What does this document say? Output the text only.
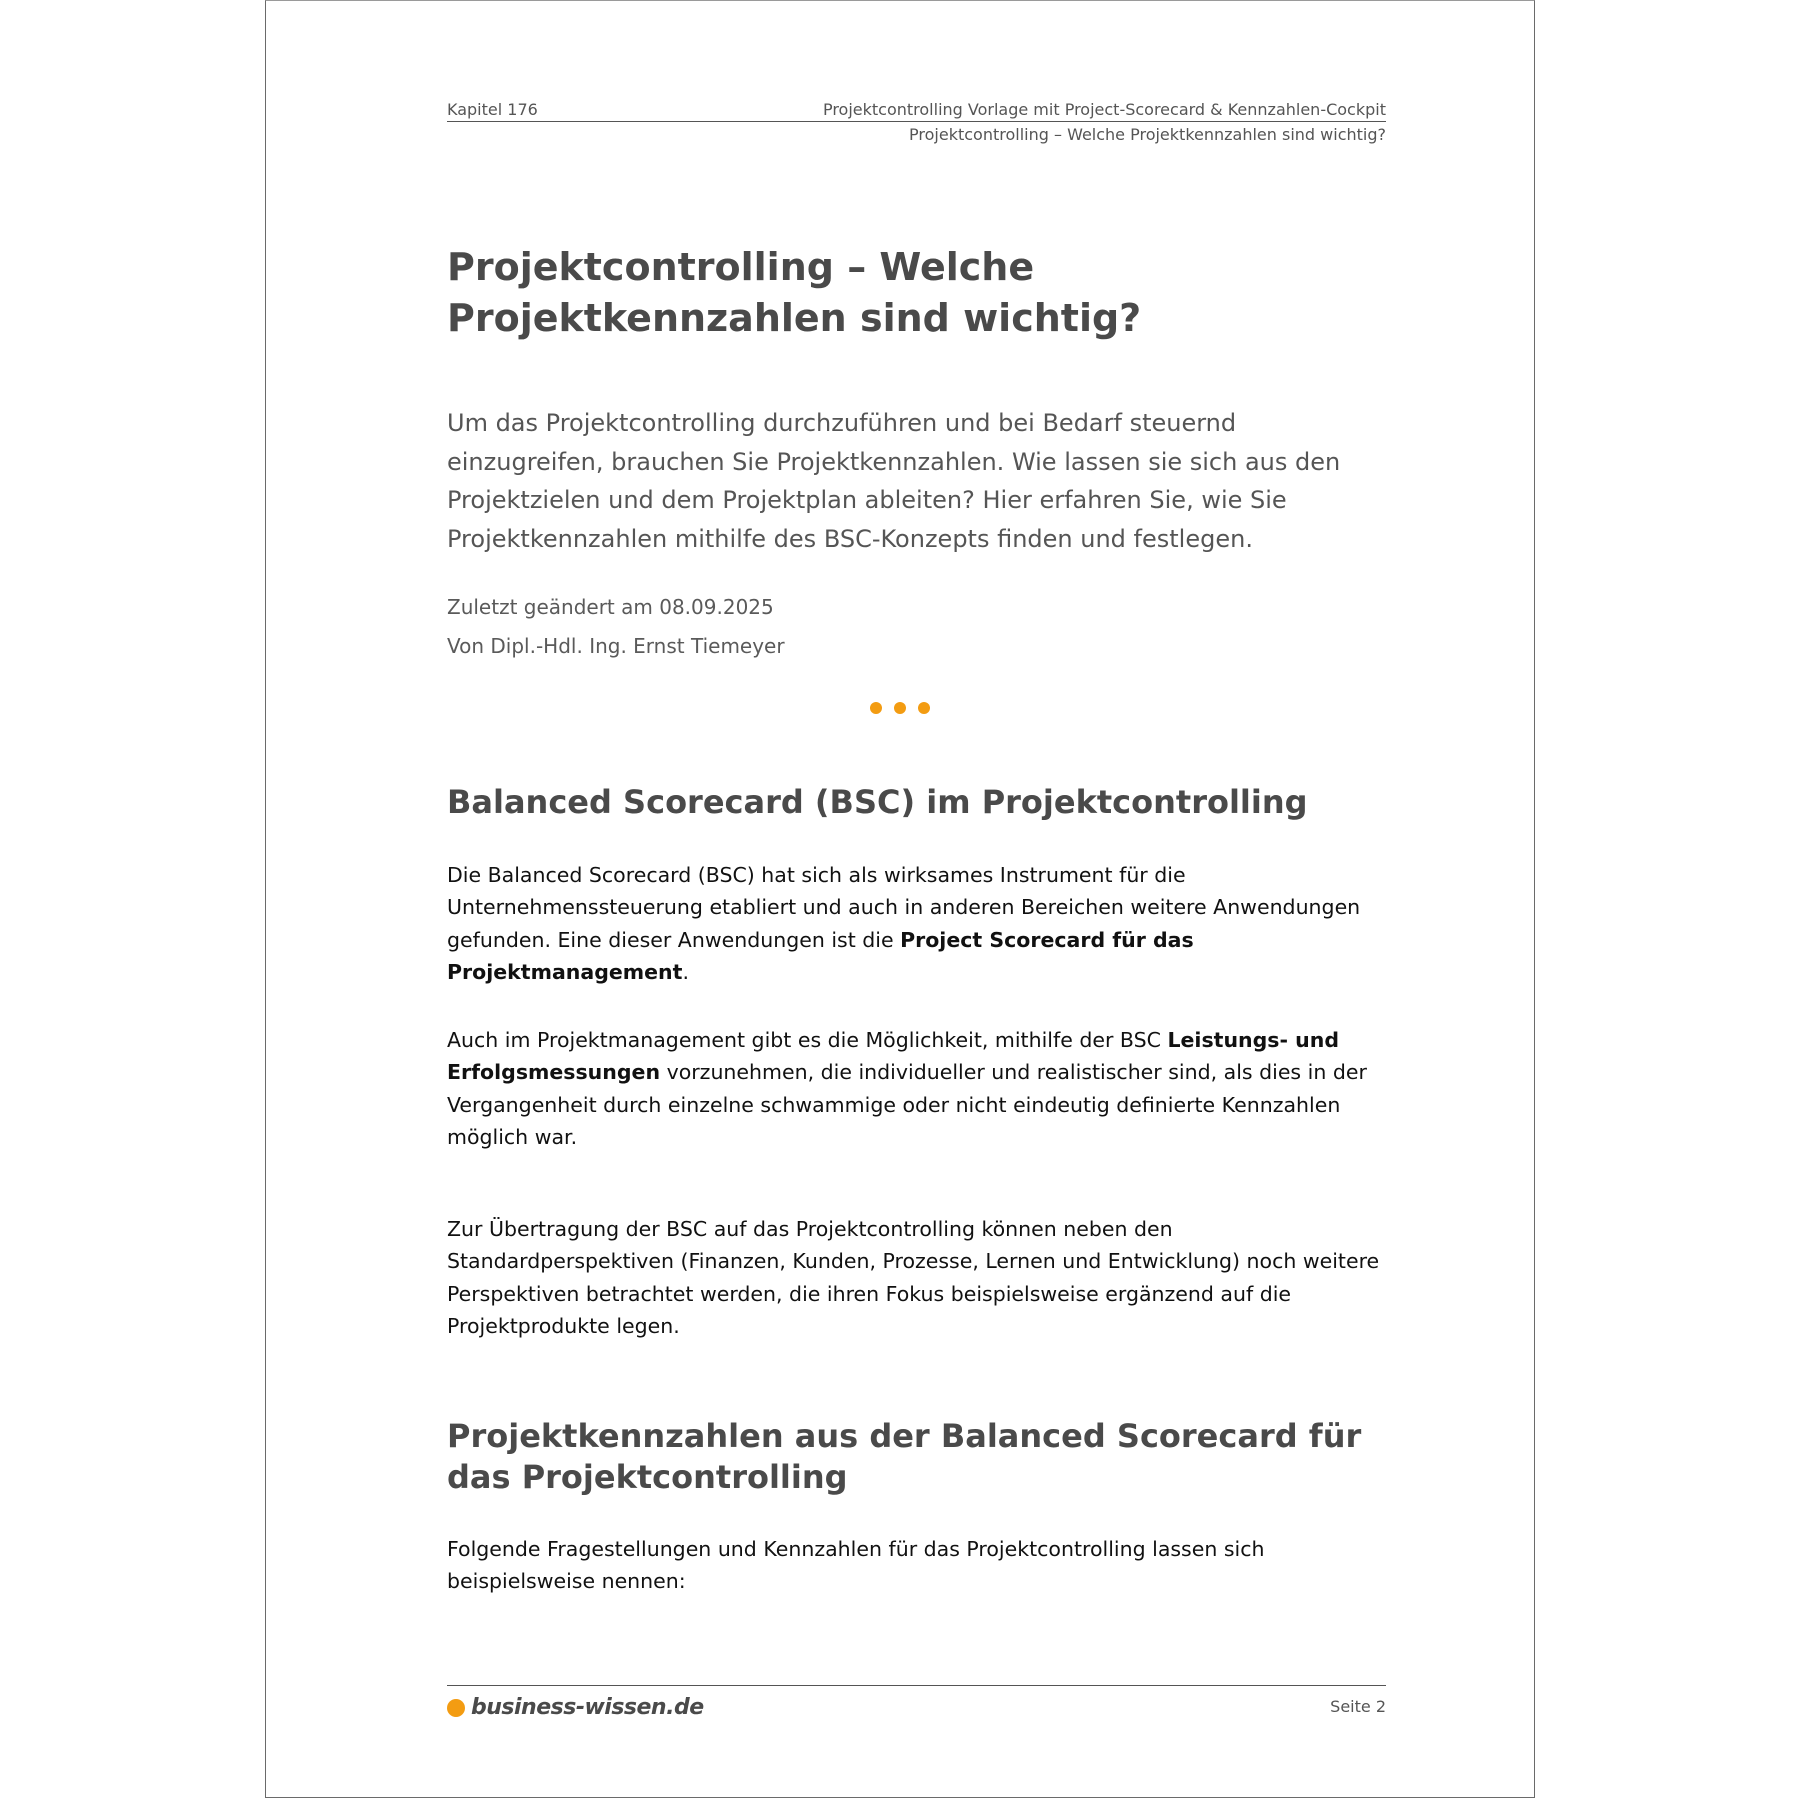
Kapitel 176	Projektcontrolling Vorlage mit Project-Scorecard & Kennzahlen-Cockpit
Projektcontrolling – Welche Projektkennzahlen sind wichtig?
Projektcontrolling – Welche Projektkennzahlen sind wichtig?

Um das Projektcontrolling durchzuführen und bei Bedarf steuernd einzugreifen, brauchen Sie Projektkennzahlen. Wie lassen sie sich aus den Projektzielen und dem Projektplan ableiten? Hier erfahren Sie, wie Sie Projektkennzahlen mithilfe des BSC-Konzepts finden und festlegen.

Zuletzt geändert am 08.09.2025
Von Dipl.-Hdl. Ing. Ernst Tiemeyer
Balanced Scorecard (BSC) im Projektcontrolling

Die Balanced Scorecard (BSC) hat sich als wirksames Instrument für die Unternehmenssteuerung etabliert und auch in anderen Bereichen weitere Anwendungen gefunden. Eine dieser Anwendungen ist die Project Scorecard für das Projektmanagement.

Auch im Projektmanagement gibt es die Möglichkeit, mithilfe der BSC Leistungs- und Erfolgsmessungen vorzunehmen, die individueller und realistischer sind, als dies in der Vergangenheit durch einzelne schwammige oder nicht eindeutig definierte Kennzahlen möglich war.

Zur Übertragung der BSC auf das Projektcontrolling können neben den Standardperspektiven (Finanzen, Kunden, Prozesse, Lernen und Entwicklung) noch weitere Perspektiven betrachtet werden, die ihren Fokus beispielsweise ergänzend auf die Projektprodukte legen.

Projektkennzahlen aus der Balanced Scorecard für das Projektcontrolling

Folgende Fragestellungen und Kennzahlen für das Projektcontrolling lassen sich beispielsweise nennen:

business-wissen.de	Seite 2
